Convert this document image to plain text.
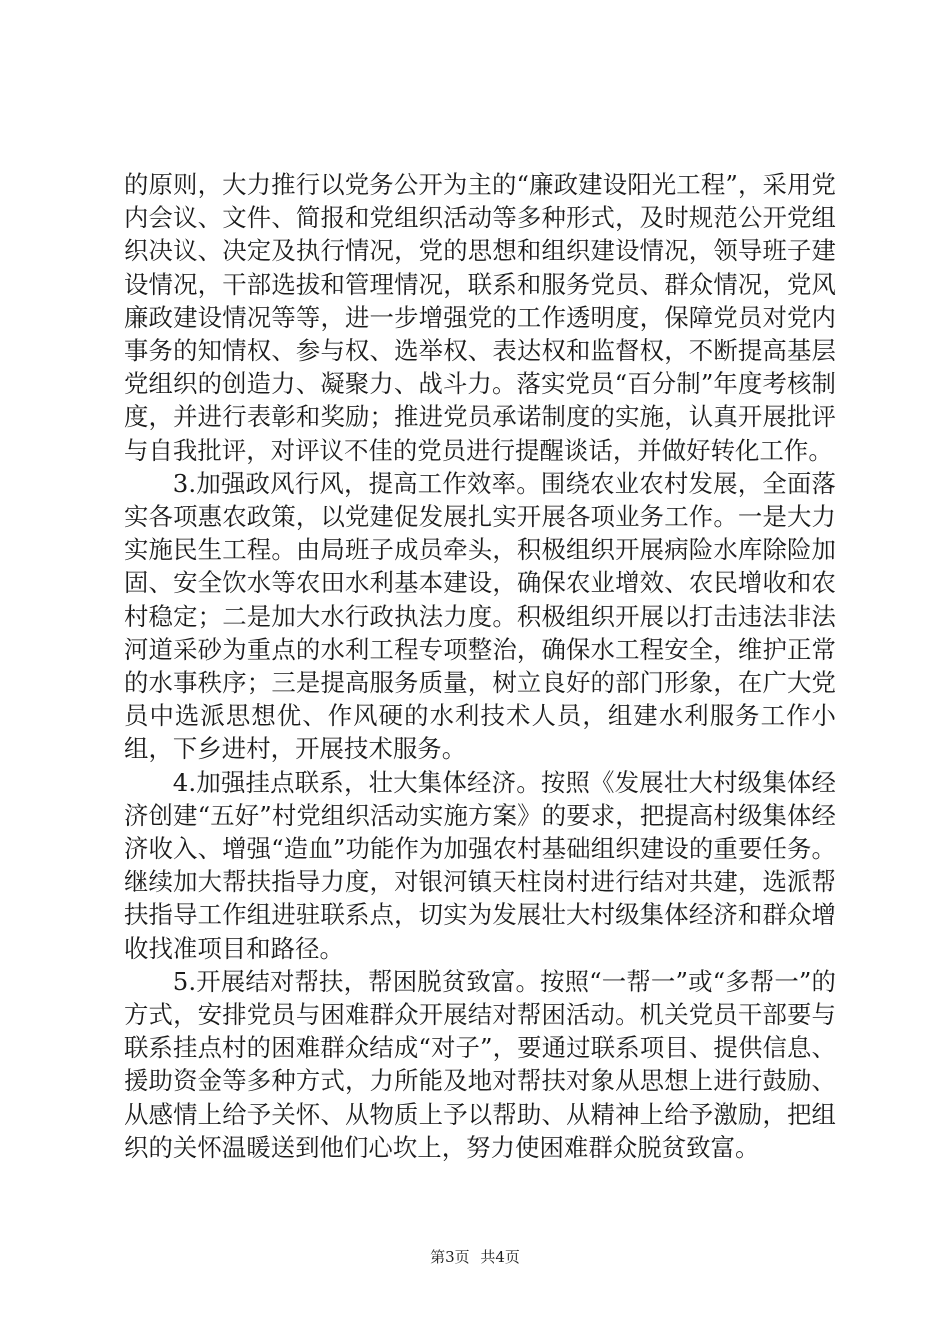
的原则，大力推行以党务公开为主的“廉政建设阳光工程”，采用党内会议、文件、简报和党组织活动等多种形式，及时规范公开党组织决议、决定及执行情况，党的思想和组织建设情况，领导班子建设情况，干部选拔和管理情况，联系和服务党员、群众情况，党风廉政建设情况等等，进一步增强党的工作透明度，保障党员对党内事务的知情权、参与权、选举权、表达权和监督权，不断提高基层党组织的创造力、凝聚力、战斗力。落实党员“百分制”年度考核制度，并进行表彰和奖励；推进党员承诺制度的实施，认真开展批评与自我批评，对评议不佳的党员进行提醒谈话，并做好转化工作。

3.加强政风行风，提高工作效率。围绕农业农村发展，全面落实各项惠农政策，以党建促发展扎实开展各项业务工作。一是大力实施民生工程。由局班子成员牵头，积极组织开展病险水库除险加固、安全饮水等农田水利基本建设，确保农业增效、农民增收和农村稳定；二是加大水行政执法力度。积极组织开展以打击违法非法河道采砂为重点的水利工程专项整治，确保水工程安全，维护正常的水事秩序；三是提高服务质量，树立良好的部门形象，在广大党员中选派思想优、作风硬的水利技术人员，组建水利服务工作小组，下乡进村，开展技术服务。

4.加强挂点联系，壮大集体经济。按照《发展壮大村级集体经济创建“五好”村党组织活动实施方案》的要求，把提高村级集体经济收入、增强“造血”功能作为加强农村基础组织建设的重要任务。继续加大帮扶指导力度，对银河镇天柱岗村进行结对共建，选派帮扶指导工作组进驻联系点，切实为发展壮大村级集体经济和群众增收找准项目和路径。

5.开展结对帮扶，帮困脱贫致富。按照“一帮一”或“多帮一”的方式，安排党员与困难群众开展结对帮困活动。机关党员干部要与联系挂点村的困难群众结成“对子”，要通过联系项目、提供信息、援助资金等多种方式，力所能及地对帮扶对象从思想上进行鼓励、从感情上给予关怀、从物质上予以帮助、从精神上给予激励，把组织的关怀温暖送到他们心坎上，努力使困难群众脱贫致富。

第3页 共4页
